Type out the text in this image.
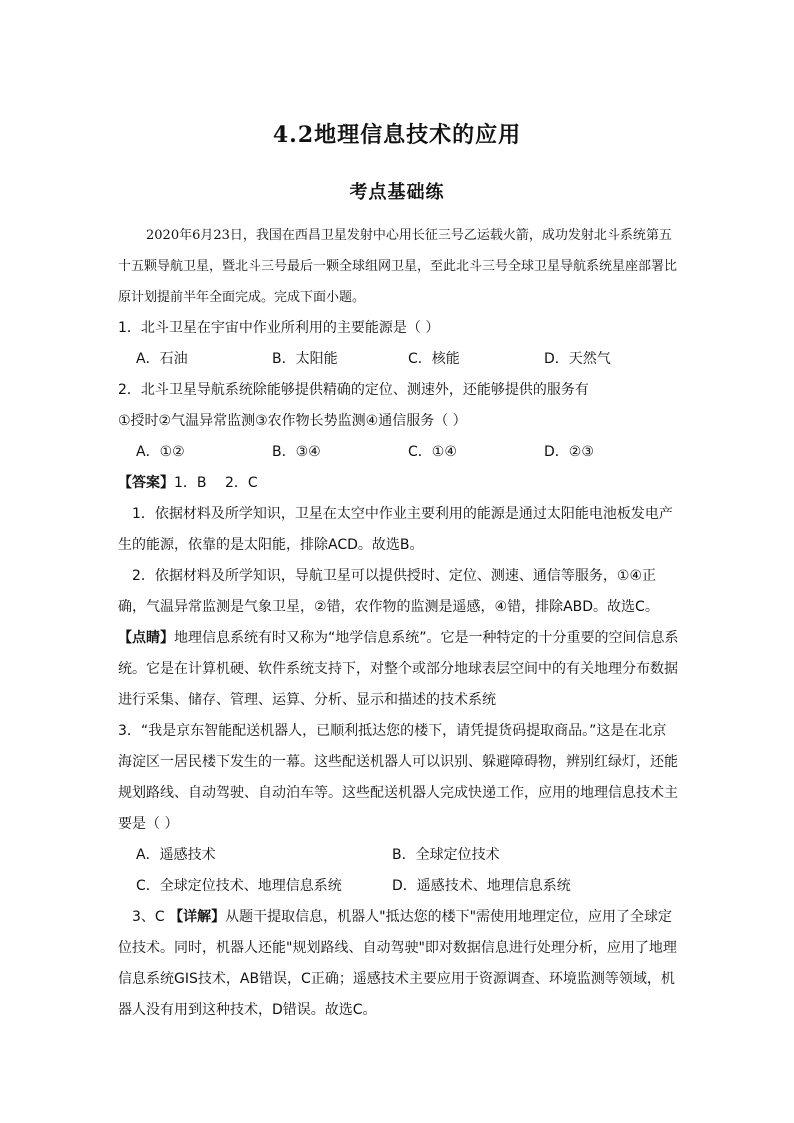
4.2地理信息技术的应用
考点基础练

2020年6月23日，我国在西昌卫星发射中心用长征三号乙运载火箭，成功发射北斗系统第五十五颗导航卫星，暨北斗三号最后一颗全球组网卫星，至此北斗三号全球卫星导航系统星座部署比原计划提前半年全面完成。完成下面小题。

1．北斗卫星在宇宙中作业所利用的主要能源是（ ）

A．石油	B．太阳能	C．核能	D．天然气

2．北斗卫星导航系统除能够提供精确的定位、测速外，还能够提供的服务有

①授时②气温异常监测③农作物长势监测④通信服务（ ）

A．①②	B．③④	C．①④	D．②③

【答案】1．B　 2．C

1．依据材料及所学知识，卫星在太空中作业主要利用的能源是通过太阳能电池板发电产生的能源，依靠的是太阳能，排除ACD。故选B。

2．依据材料及所学知识，导航卫星可以提供授时、定位、测速、通信等服务，①④正确，气温异常监测是气象卫星，②错，农作物的监测是遥感，④错，排除ABD。故选C。

【点睛】地理信息系统有时又称为“地学信息系统”。它是一种特定的十分重要的空间信息系统。它是在计算机硬、软件系统支持下，对整个或部分地球表层空间中的有关地理分布数据进行采集、储存、管理、运算、分析、显示和描述的技术系统

3．“我是京东智能配送机器人，已顺利抵达您的楼下，请凭提货码提取商品。”这是在北京海淀区一居民楼下发生的一幕。这些配送机器人可以识别、躲避障碍物，辨别红绿灯，还能规划路线、自动驾驶、自动泊车等。这些配送机器人完成快递工作，应用的地理信息技术主要是（ ）

A．遥感技术	B．全球定位技术
C．全球定位技术、地理信息系统	D．遥感技术、地理信息系统

3、C 【详解】从题干提取信息，机器人"抵达您的楼下"需使用地理定位，应用了全球定位技术。同时，机器人还能"规划路线、自动驾驶"即对数据信息进行处理分析，应用了地理信息系统GIS技术，AB错误，C正确；遥感技术主要应用于资源调查、环境监测等领域，机器人没有用到这种技术，D错误。故选C。
